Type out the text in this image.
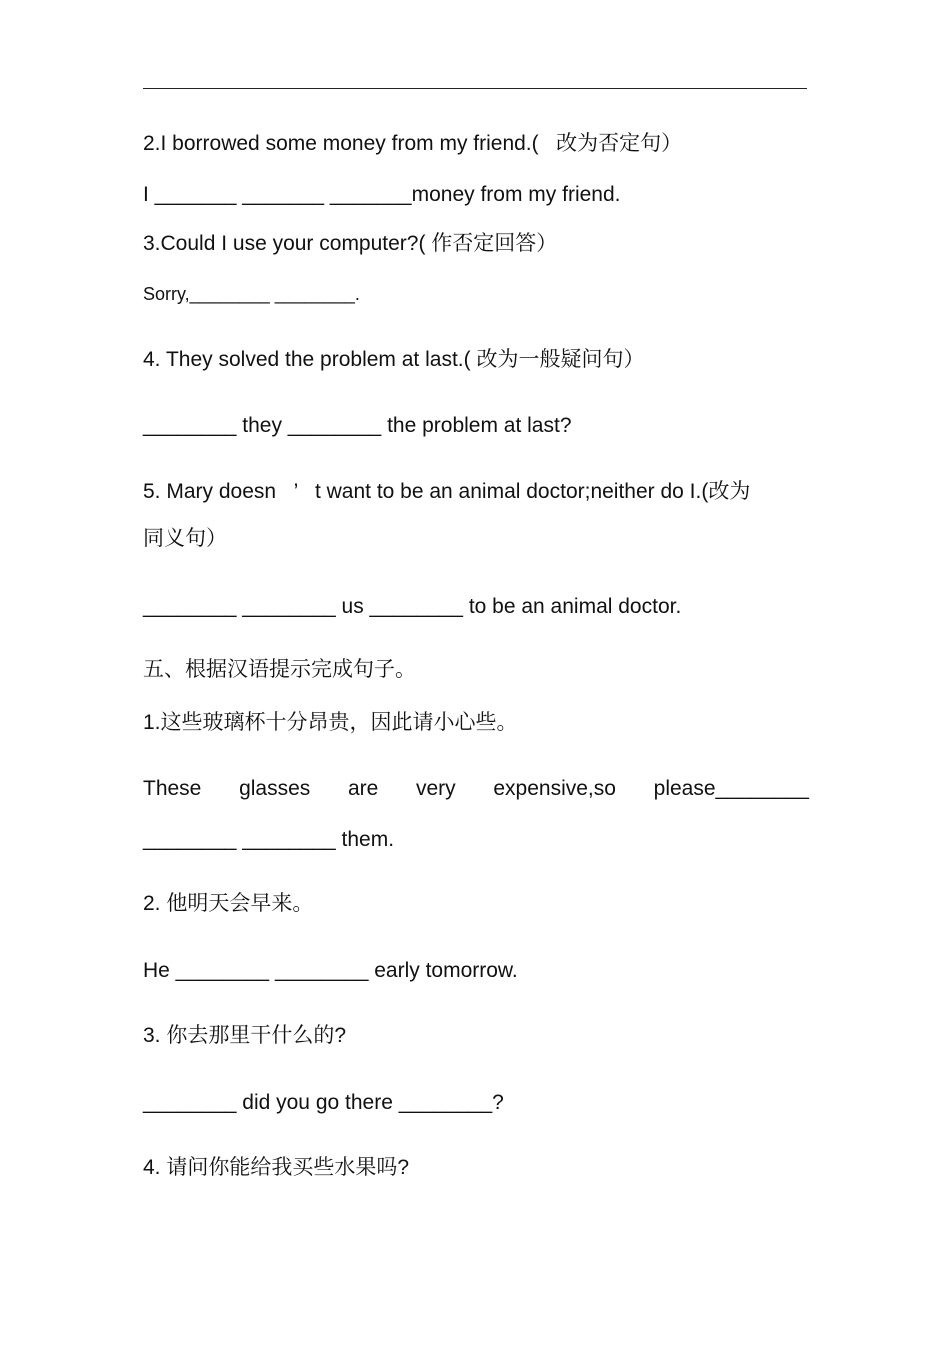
2.I borrowed some money from my friend.(   改为否定句）
I _______ _______ _______money from my friend.
3.Could I use your computer?( 作否定回答）
Sorry,________ ________.
4. They solved the problem at last.( 改为一般疑问句）
________ they ________ the problem at last?
5. Mary doesn   ’   t want to be an animal doctor;neither do I.(改为
同义句）
________ ________ us ________ to be an animal doctor.
五、根据汉语提示完成句子。
1.这些玻璃杯十分昂贵，因此请小心些。
These glasses are very expensive,so please________
________ ________ them.
2. 他明天会早来。
He ________ ________ early tomorrow.
3. 你去那里干什么的?
________ did you go there ________?
4. 请问你能给我买些水果吗?
